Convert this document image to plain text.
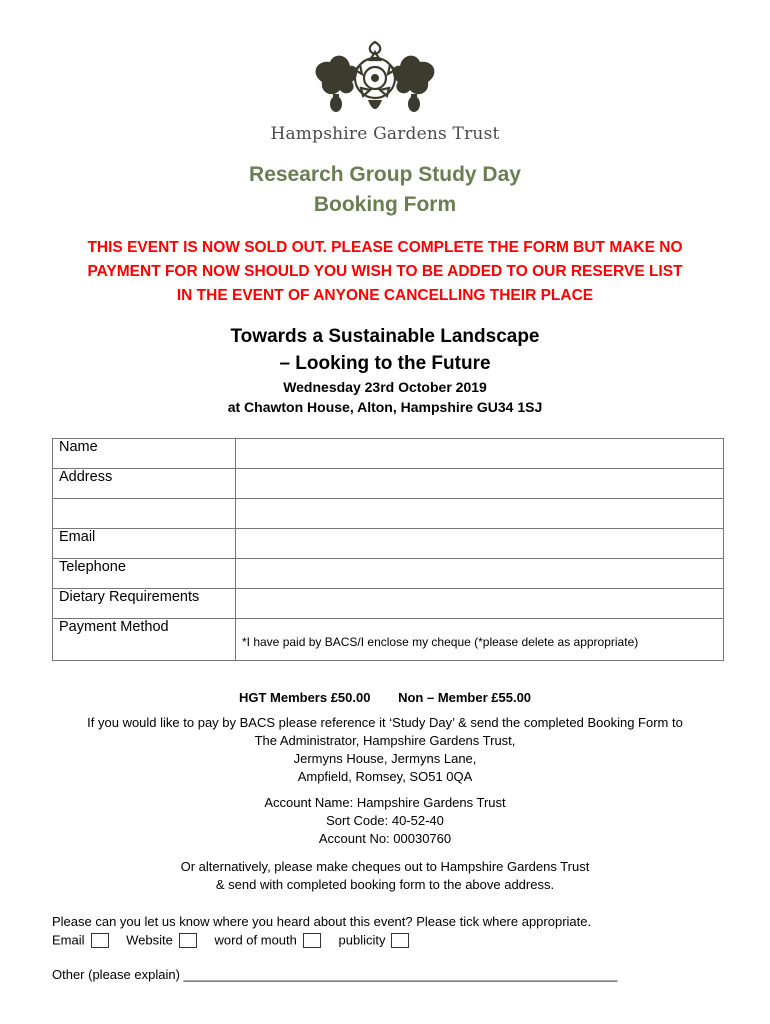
Hampshire Gardens Trust
Research Group Study Day
Booking Form
THIS EVENT IS NOW SOLD OUT. PLEASE COMPLETE THE FORM BUT MAKE NO
PAYMENT FOR NOW SHOULD YOU WISH TO BE ADDED TO OUR RESERVE LIST
IN THE EVENT OF ANYONE CANCELLING THEIR PLACE
Towards a Sustainable Landscape
– Looking to the Future
Wednesday 23rd October 2019
at Chawton House, Alton, Hampshire GU34 1SJ
Name	
Address	

Email	
Telephone	
Dietary Requirements	
Payment Method	*I have paid by BACS/I enclose my cheque (*please delete as appropriate)
HGT Members £50.00 Non – Member £55.00
If you would like to pay by BACS please reference it ‘Study Day’ & send the completed Booking Form to
The Administrator, Hampshire Gardens Trust,
Jermyns House, Jermyns Lane,
Ampfield, Romsey, SO51 0QA
Account Name: Hampshire Gardens Trust
Sort Code: 40-52-40
Account No: 00030760
Or alternatively, please make cheques out to Hampshire Gardens Trust
& send with completed booking form to the above address.
Please can you let us know where you heard about this event? Please tick where appropriate.
Email	Website	word of mouth	publicity
Other (please explain) ____________________________________________________________
